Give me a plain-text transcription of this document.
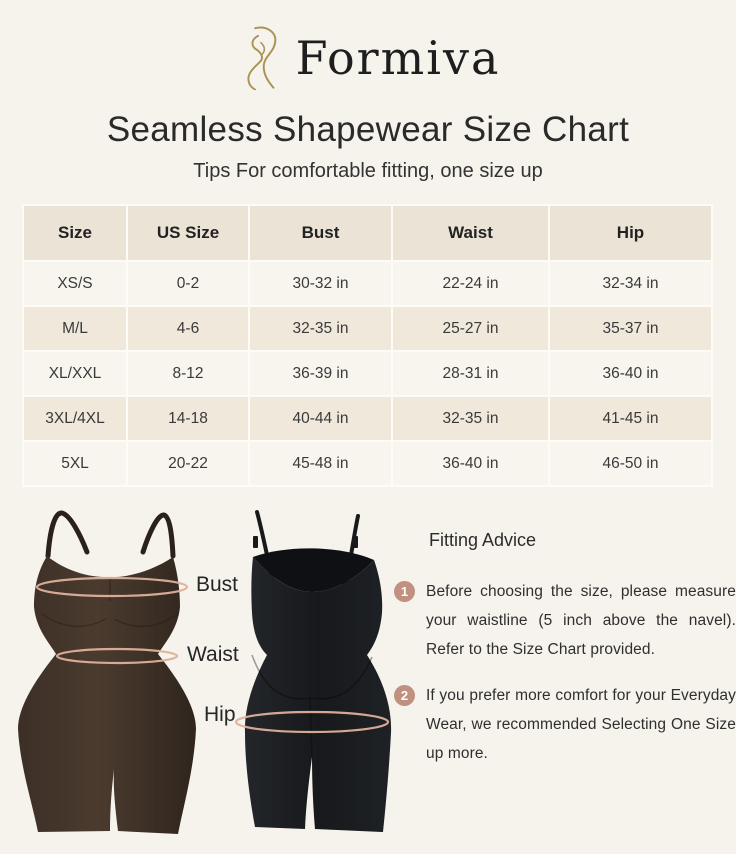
Formiva
Seamless Shapewear Size Chart

Tips For comfortable fitting, one size up

Size	US Size	Bust	Waist	Hip
XS/S	0-2	30-32 in	22-24 in	32-34 in
M/L	4-6	32-35 in	25-27 in	35-37 in
XL/XXL	8-12	36-39 in	28-31 in	36-40 in
3XL/4XL	14-18	40-44 in	32-35 in	41-45 in
5XL	20-22	45-48 in	36-40 in	46-50 in
Bust
Waist
Hip
Fitting Advice
1	Before choosing the size, please measure your waistline (5 inch above the navel). Refer to the Size Chart provided.

2	If you prefer more comfort for your Everyday Wear, we recommended Selecting One Size up more.
